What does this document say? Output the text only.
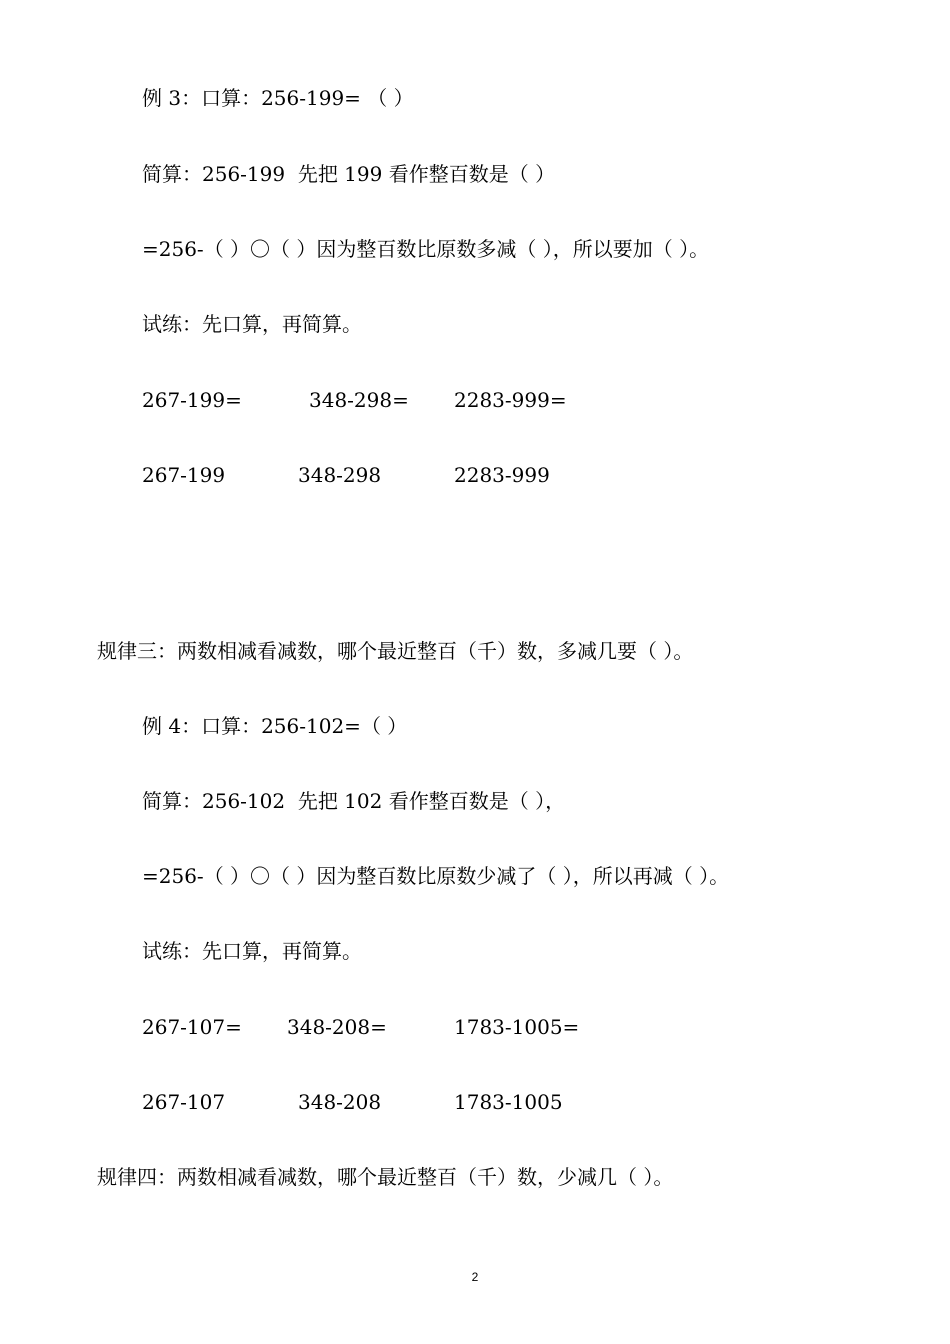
例 3：口算：256-199= （ ）
简算：256-199  先把 199 看作整百数是（ ）
=256-（ ）〇（ ）因为整百数比原数多减（ ），所以要加（ ）。
试练：先口算，再简算。
267-199=	348-298= 2283-999=
267-199	348-298	2283-999
规律三：两数相减看减数，哪个最近整百（千）数，多减几要（ ）。
例 4：口算：256-102=（ ）
简算：256-102  先把 102 看作整百数是（ ），
=256-（ ）〇（ ）因为整百数比原数少减了（ ），所以再减（ ）。
试练：先口算，再简算。
267-107= 348-208=	1783-1005=
267-107	348-208	1783-1005
规律四：两数相减看减数，哪个最近整百（千）数，少减几（ ）。
2
